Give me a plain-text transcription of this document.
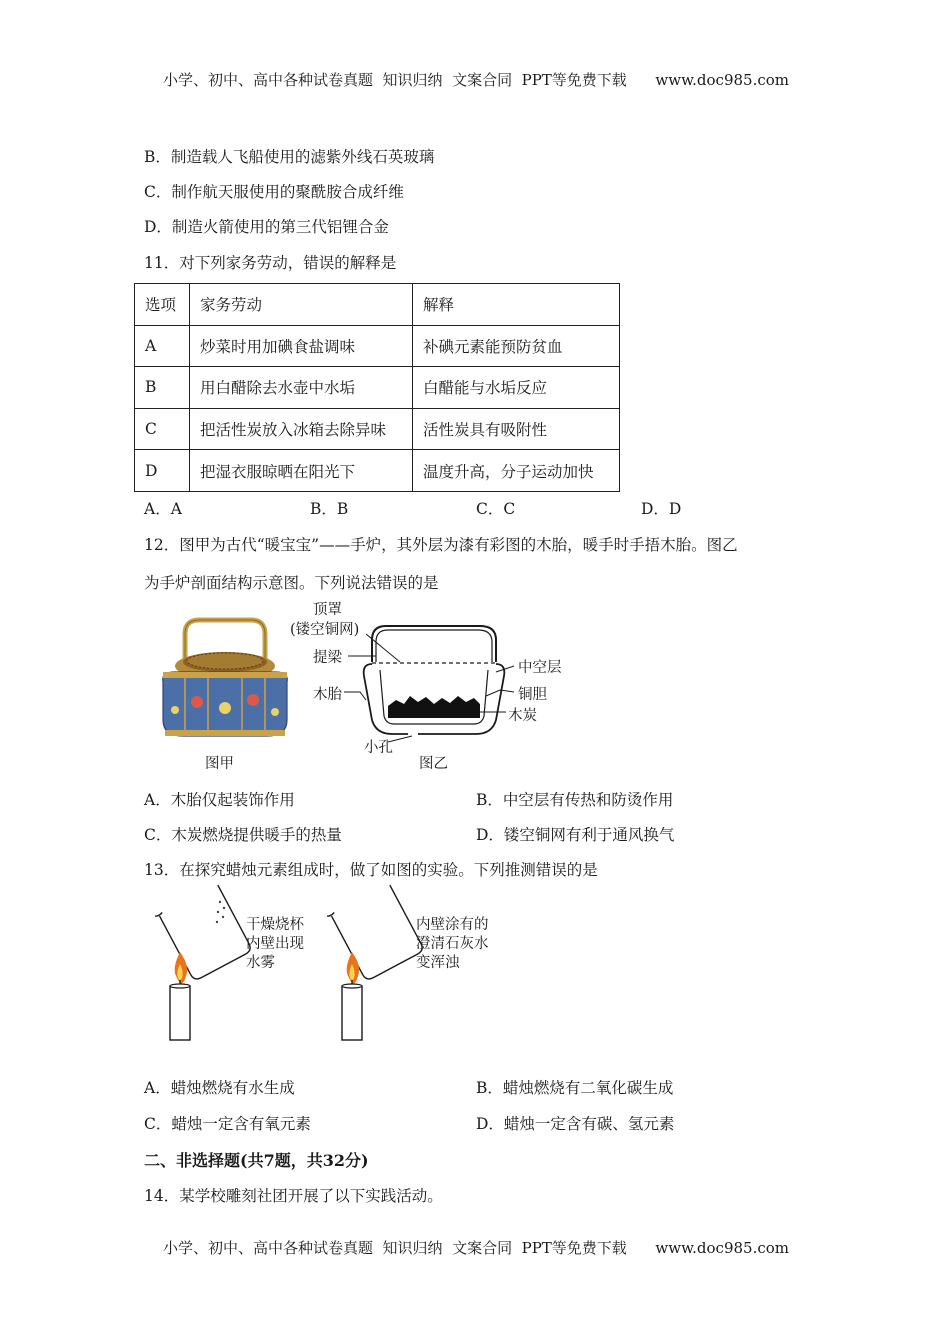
小学、初中、高中各种试卷真题  知识归纳  文案合同  PPT等免费下载      www.doc985.com
B．制造载人飞船使用的滤紫外线石英玻璃
C．制作航天服使用的聚酰胺合成纤维
D．制造火箭使用的第三代铝锂合金
11．对下列家务劳动，错误的解释是
选项	家务劳动	解释
A	炒菜时用加碘食盐调味	补碘元素能预防贫血
B	用白醋除去水壶中水垢	白醋能与水垢反应
C	把活性炭放入冰箱去除异味	活性炭具有吸附性
D	把湿衣服晾晒在阳光下	温度升高，分子运动加快
A．A	B．B	C．C	D．D
12．图甲为古代“暖宝宝”——手炉，其外层为漆有彩图的木胎，暖手时手捂木胎。图乙
为手炉剖面结构示意图。下列说法错误的是
图甲
顶罩
(镂空铜网)
提梁
木胎
中空层
铜胆
木炭
小孔
图乙
A．木胎仅起装饰作用	B．中空层有传热和防烫作用
C．木炭燃烧提供暖手的热量	D．镂空铜网有利于通风换气
13．在探究蜡烛元素组成时，做了如图的实验。下列推测错误的是
干燥烧杯
内壁出现
水雾
内壁涂有的
澄清石灰水
变浑浊
A．蜡烛燃烧有水生成	B．蜡烛燃烧有二氧化碳生成
C．蜡烛一定含有氧元素	D．蜡烛一定含有碳、氢元素
二、非选择题(共7题，共32分)
14．某学校雕刻社团开展了以下实践活动。
小学、初中、高中各种试卷真题  知识归纳  文案合同  PPT等免费下载      www.doc985.com
